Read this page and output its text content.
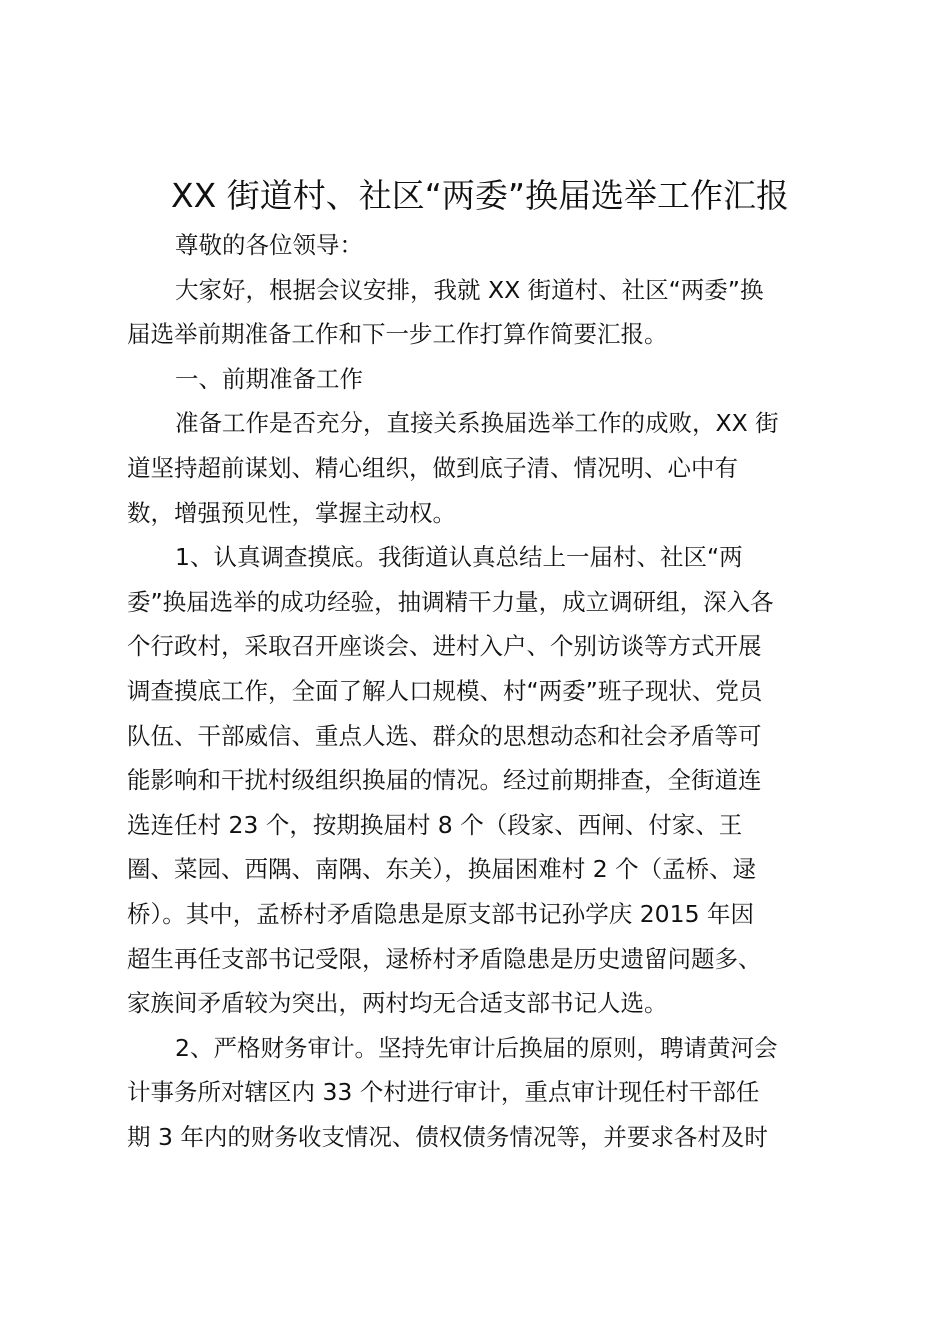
XX 街道村、社区“两委”换届选举工作汇报
尊敬的各位领导：
大家好，根据会议安排，我就 XX 街道村、社区“两委”换
届选举前期准备工作和下一步工作打算作简要汇报。
一、前期准备工作
准备工作是否充分，直接关系换届选举工作的成败，XX 街
道坚持超前谋划、精心组织，做到底子清、情况明、心中有
数，增强预见性，掌握主动权。
1、认真调查摸底。我街道认真总结上一届村、社区“两
委”换届选举的成功经验，抽调精干力量，成立调研组，深入各
个行政村，采取召开座谈会、进村入户、个别访谈等方式开展
调查摸底工作，全面了解人口规模、村“两委”班子现状、党员
队伍、干部威信、重点人选、群众的思想动态和社会矛盾等可
能影响和干扰村级组织换届的情况。经过前期排查，全街道连
选连任村 23 个，按期换届村 8 个（段家、西闸、付家、王
圈、菜园、西隅、南隅、东关），换届困难村 2 个（孟桥、逯
桥）。其中，孟桥村矛盾隐患是原支部书记孙学庆 2015 年因
超生再任支部书记受限，逯桥村矛盾隐患是历史遗留问题多、
家族间矛盾较为突出，两村均无合适支部书记人选。
2、严格财务审计。坚持先审计后换届的原则，聘请黄河会
计事务所对辖区内 33 个村进行审计，重点审计现任村干部任
期 3 年内的财务收支情况、债权债务情况等，并要求各村及时
